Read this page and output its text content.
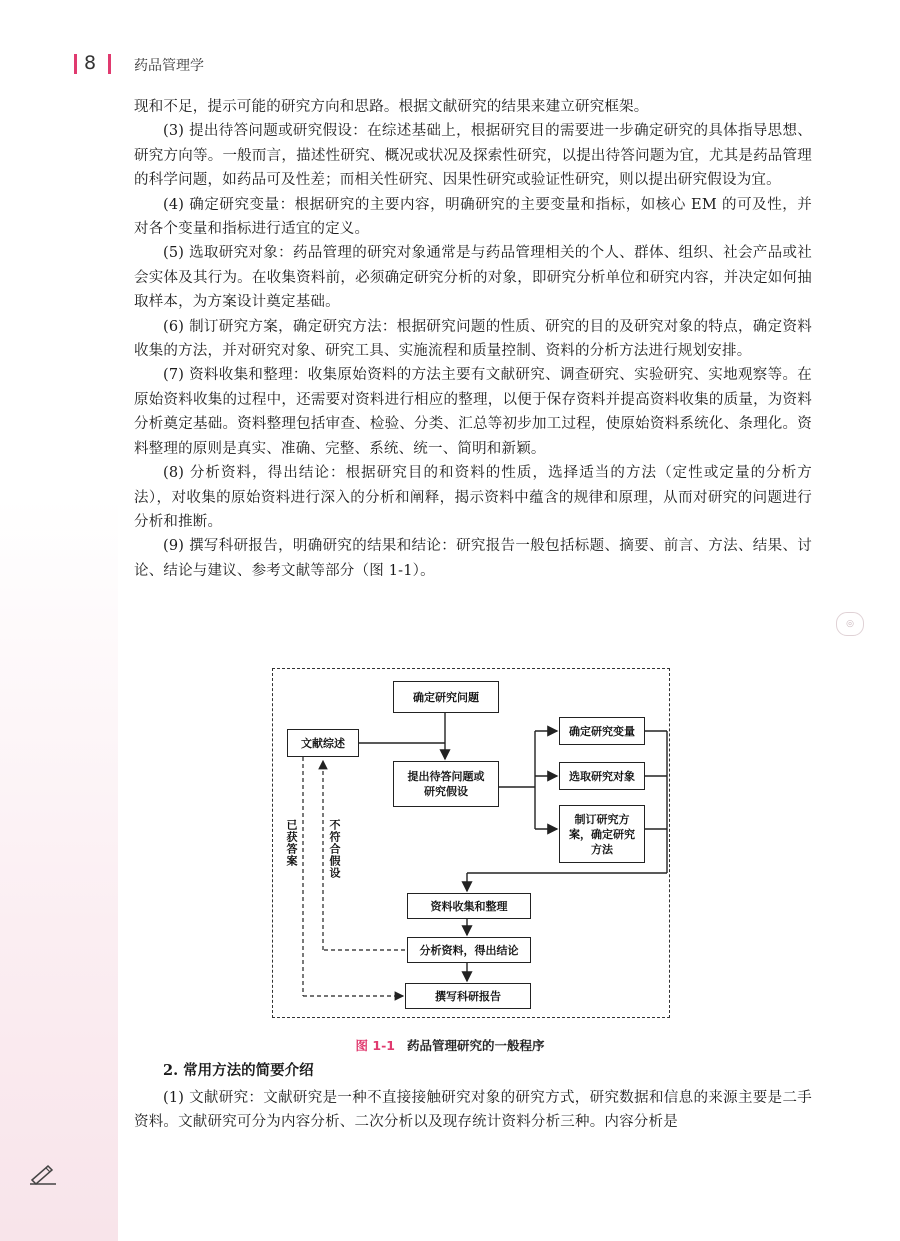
8	药品管理学

现和不足，提示可能的研究方向和思路。根据文献研究的结果来建立研究框架。

(3) 提出待答问题或研究假设：在综述基础上，根据研究目的需要进一步确定研究的具体指导思想、研究方向等。一般而言，描述性研究、概况或状况及探索性研究，以提出待答问题为宜，尤其是药品管理的科学问题，如药品可及性差；而相关性研究、因果性研究或验证性研究，则以提出研究假设为宜。

(4) 确定研究变量：根据研究的主要内容，明确研究的主要变量和指标，如核心 EM 的可及性，并对各个变量和指标进行适宜的定义。

(5) 选取研究对象：药品管理的研究对象通常是与药品管理相关的个人、群体、组织、社会产品或社会实体及其行为。在收集资料前，必须确定研究分析的对象，即研究分析单位和研究内容，并决定如何抽取样本，为方案设计奠定基础。

(6) 制订研究方案，确定研究方法：根据研究问题的性质、研究的目的及研究对象的特点，确定资料收集的方法，并对研究对象、研究工具、实施流程和质量控制、资料的分析方法进行规划安排。

(7) 资料收集和整理：收集原始资料的方法主要有文献研究、调查研究、实验研究、实地观察等。在原始资料收集的过程中，还需要对资料进行相应的整理，以便于保存资料并提高资料收集的质量，为资料分析奠定基础。资料整理包括审查、检验、分类、汇总等初步加工过程，使原始资料系统化、条理化。资料整理的原则是真实、准确、完整、系统、统一、简明和新颖。

(8) 分析资料，得出结论：根据研究目的和资料的性质，选择适当的方法（定性或定量的分析方法），对收集的原始资料进行深入的分析和阐释，揭示资料中蕴含的规律和原理，从而对研究的问题进行分析和推断。

(9) 撰写科研报告，明确研究的结果和结论：研究报告一般包括标题、摘要、前言、方法、结果、讨论、结论与建议、参考文献等部分（图 1-1）。

◎
确定研究问题
文献综述
提出待答问题或研究假设
确定研究变量
选取研究对象
制订研究方案，确定研究方法
资料收集和整理
分析资料，得出结论
撰写科研报告
已获答案	不符合假设
图 1-1 药品管理研究的一般程序

2. 常用方法的简要介绍

(1) 文献研究：文献研究是一种不直接接触研究对象的研究方式，研究数据和信息的来源主要是二手资料。文献研究可分为内容分析、二次分析以及现存统计资料分析三种。内容分析是
